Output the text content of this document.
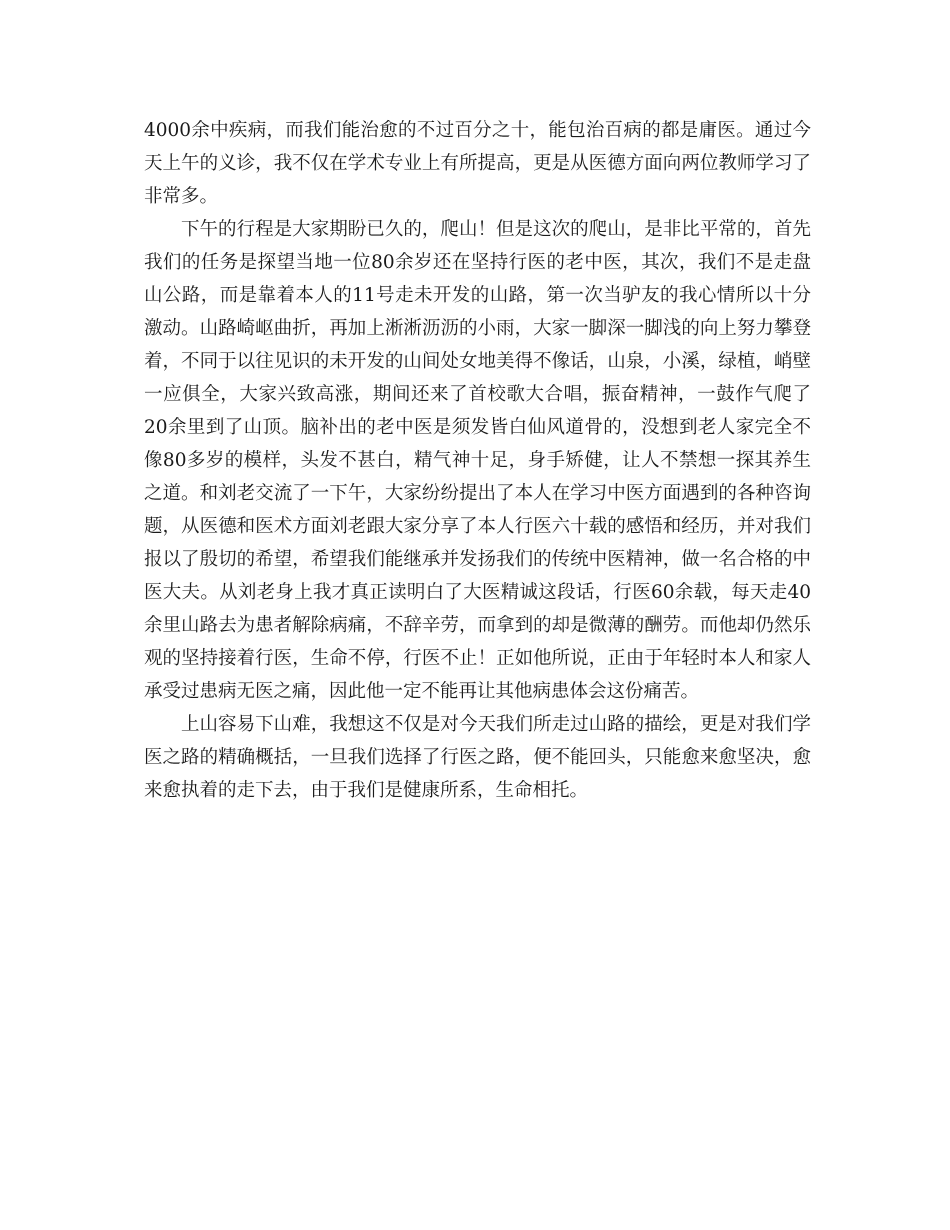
4000余中疾病，而我们能治愈的不过百分之十，能包治百病的都是庸医。通过今天上午的义诊，我不仅在学术专业上有所提高，更是从医德方面向两位教师学习了非常多。

下午的行程是大家期盼已久的，爬山！但是这次的爬山，是非比平常的，首先我们的任务是探望当地一位80余岁还在坚持行医的老中医，其次，我们不是走盘山公路，而是靠着本人的11号走未开发的山路，第一次当驴友的我心情所以十分激动。山路崎岖曲折，再加上淅淅沥沥的小雨，大家一脚深一脚浅的向上努力攀登着，不同于以往见识的未开发的山间处女地美得不像话，山泉，小溪，绿植，峭壁一应俱全，大家兴致高涨，期间还来了首校歌大合唱，振奋精神，一鼓作气爬了20余里到了山顶。脑补出的老中医是须发皆白仙风道骨的，没想到老人家完全不像80多岁的模样，头发不甚白，精气神十足，身手矫健，让人不禁想一探其养生之道。和刘老交流了一下午，大家纷纷提出了本人在学习中医方面遇到的各种咨询题，从医德和医术方面刘老跟大家分享了本人行医六十载的感悟和经历，并对我们报以了殷切的希望，希望我们能继承并发扬我们的传统中医精神，做一名合格的中医大夫。从刘老身上我才真正读明白了大医精诚这段话，行医60余载，每天走40余里山路去为患者解除病痛，不辞辛劳，而拿到的却是微薄的酬劳。而他却仍然乐观的坚持接着行医，生命不停，行医不止！正如他所说，正由于年轻时本人和家人承受过患病无医之痛，因此他一定不能再让其他病患体会这份痛苦。

上山容易下山难，我想这不仅是对今天我们所走过山路的描绘，更是对我们学医之路的精确概括，一旦我们选择了行医之路，便不能回头，只能愈来愈坚决，愈来愈执着的走下去，由于我们是健康所系，生命相托。
